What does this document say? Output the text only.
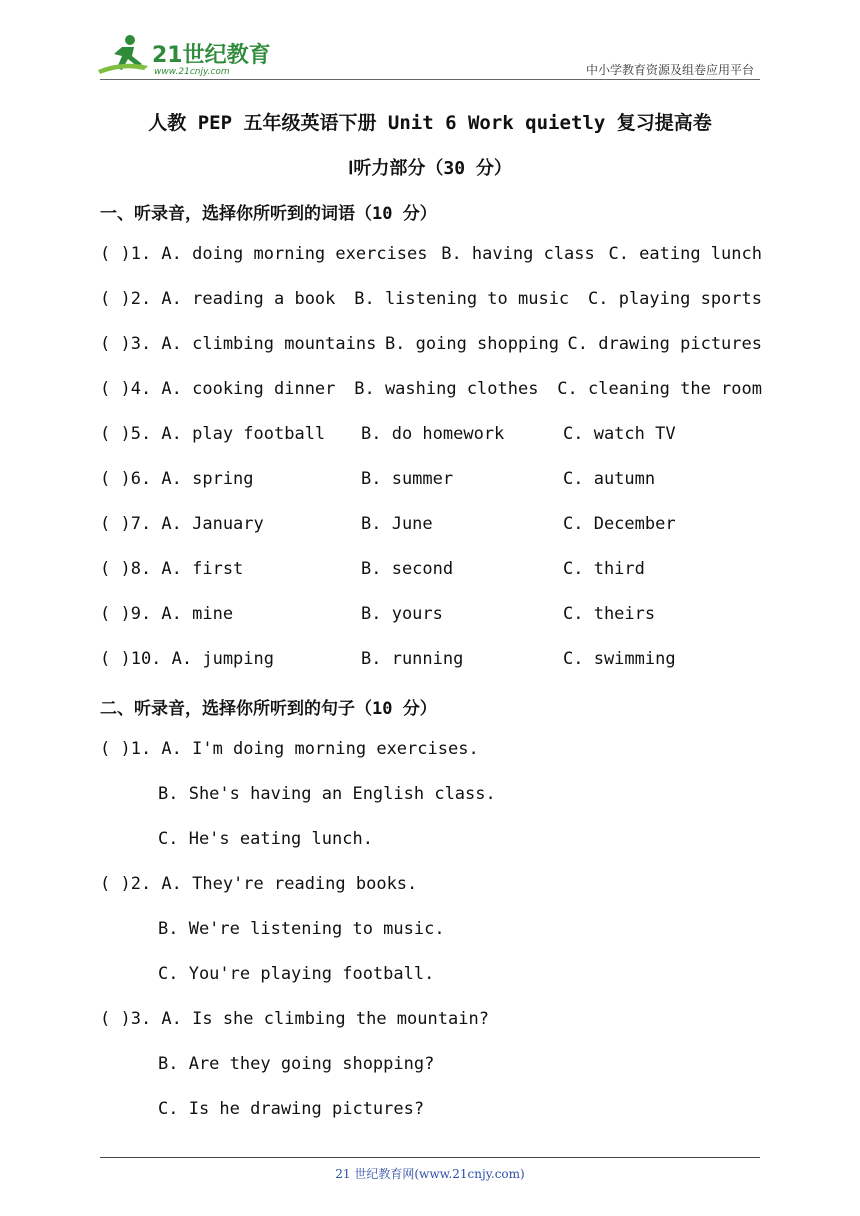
21世纪教育
www.21cnjy.com	中小学教育资源及组卷应用平台
人教 PEP 五年级英语下册 Unit 6 Work quietly 复习提高卷
Ⅰ听力部分（30 分）
一、听录音，选择你所听到的词语（10 分）
( )1. A. doing morning exercises B. having class C. eating lunch
( )2. A. reading a book B. listening to music C. playing sports
( )3. A. climbing mountains B. going shopping C. drawing pictures
( )4. A. cooking dinner B. washing clothes C. cleaning the room
( )5. A. play football B. do homework	C. watch TV
( )6. A. spring	B. summer	C. autumn
( )7. A. January	B. June	C. December
( )8. A. first	B. second	C. third
( )9. A. mine	B. yours	C. theirs
( )10. A. jumping	B. running	C. swimming
二、听录音，选择你所听到的句子（10 分）
( )1. A. I'm doing morning exercises.
B. She's having an English class.
C. He's eating lunch.
( )2. A. They're reading books.
B. We're listening to music.
C. You're playing football.
( )3. A. Is she climbing the mountain?
B. Are they going shopping?
C. Is he drawing pictures?
21 世纪教育网(www.21cnjy.com)
